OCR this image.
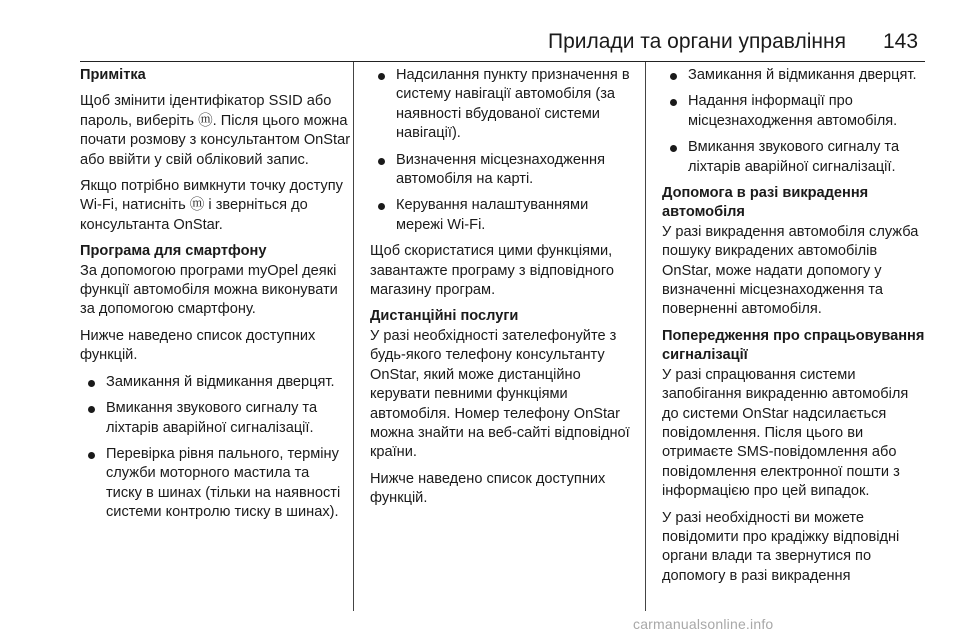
Прилади та органи управління 143

Примітка

Щоб змінити ідентифікатор SSID або пароль, виберіть ⓜ. Після цього можна почати розмову з консультантом OnStar або ввійти у свій обліковий запис.

Якщо потрібно вимкнути точку доступу Wi-Fi, натисніть ⓜ і зверніться до консультанта OnStar.

Програма для смартфону

За допомогою програми myOpel деякі функції автомобіля можна виконувати за допомогою смартфону.

Нижче наведено список доступних функцій.

Замикання й відмикання дверцят.
Вмикання звукового сигналу та ліхтарів аварійної сигналізації.
Перевірка рівня пального, терміну служби моторного мастила та тиску в шинах (тільки на наявності системи контролю тиску в шинах).
Надсилання пункту призначення в систему навігації автомобіля (за наявності вбудованої системи навігації).
Визначення місцезнаходження автомобіля на карті.
Керування налаштуваннями мережі Wi-Fi.

Щоб скористатися цими функціями, завантажте програму з відповідного магазину програм.

Дистанційні послуги

У разі необхідності зателефонуйте з будь-якого телефону консультанту OnStar, який може дистанційно керувати певними функціями автомобіля. Номер телефону OnStar можна знайти на веб-сайті відповідної країни.

Нижче наведено список доступних функцій.

Замикання й відмикання дверцят.
Надання інформації про місцезнаходження автомобіля.
Вмикання звукового сигналу та ліхтарів аварійної сигналізації.

Допомога в разі викрадення автомобіля

У разі викрадення автомобіля служба пошуку викрадених автомобілів OnStar, може надати допомогу у визначенні місцезнаходження та поверненні автомобіля.

Попередження про спрацьовування сигналізації

У разі спрацювання системи запобігання викраденню автомобіля до системи OnStar надсилається повідомлення. Після цього ви отримаєте SMS-повідомлення або повідомлення електронної пошти з інформацією про цей випадок.

У разі необхідності ви можете повідомити про крадіжку відповідні органи влади та звернутися по допомогу в разі викрадення

carmanualsonline.info
